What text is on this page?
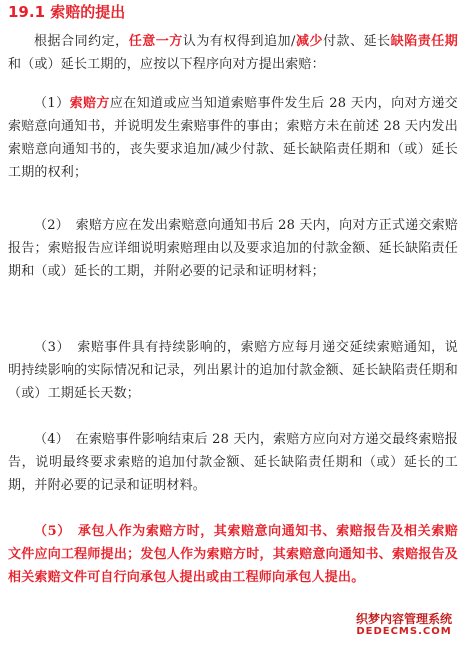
19.1 索赔的提出
根据合同约定，任意一方认为有权得到追加/减少付款、延长缺陷责任期和（或）延长工期的，应按以下程序向对方提出索赔：
（1）索赔方应在知道或应当知道索赔事件发生后 28 天内，向对方递交索赔意向通知书，并说明发生索赔事件的事由；索赔方未在前述 28 天内发出索赔意向通知书的，丧失要求追加/减少付款、延长缺陷责任期和（或）延长工期的权利；
（2）　索赔方应在发出索赔意向通知书后 28 天内，向对方正式递交索赔报告；索赔报告应详细说明索赔理由以及要求追加的付款金额、延长缺陷责任期和（或）延长的工期，并附必要的记录和证明材料；
（3）　索赔事件具有持续影响的，索赔方应每月递交延续索赔通知，说明持续影响的实际情况和记录，列出累计的追加付款金额、延长缺陷责任期和（或）工期延长天数；
（4）　在索赔事件影响结束后 28 天内，索赔方应向对方递交最终索赔报告，说明最终要求索赔的追加付款金额、延长缺陷责任期和（或）延长的工期，并附必要的记录和证明材料。
（5）　承包人作为索赔方时，其索赔意向通知书、索赔报告及相关索赔文件应向工程师提出；发包人作为索赔方时，其索赔意向通知书、索赔报告及相关索赔文件可自行向承包人提出或由工程师向承包人提出。
织梦内容管理系统
DEDECMS.COM
